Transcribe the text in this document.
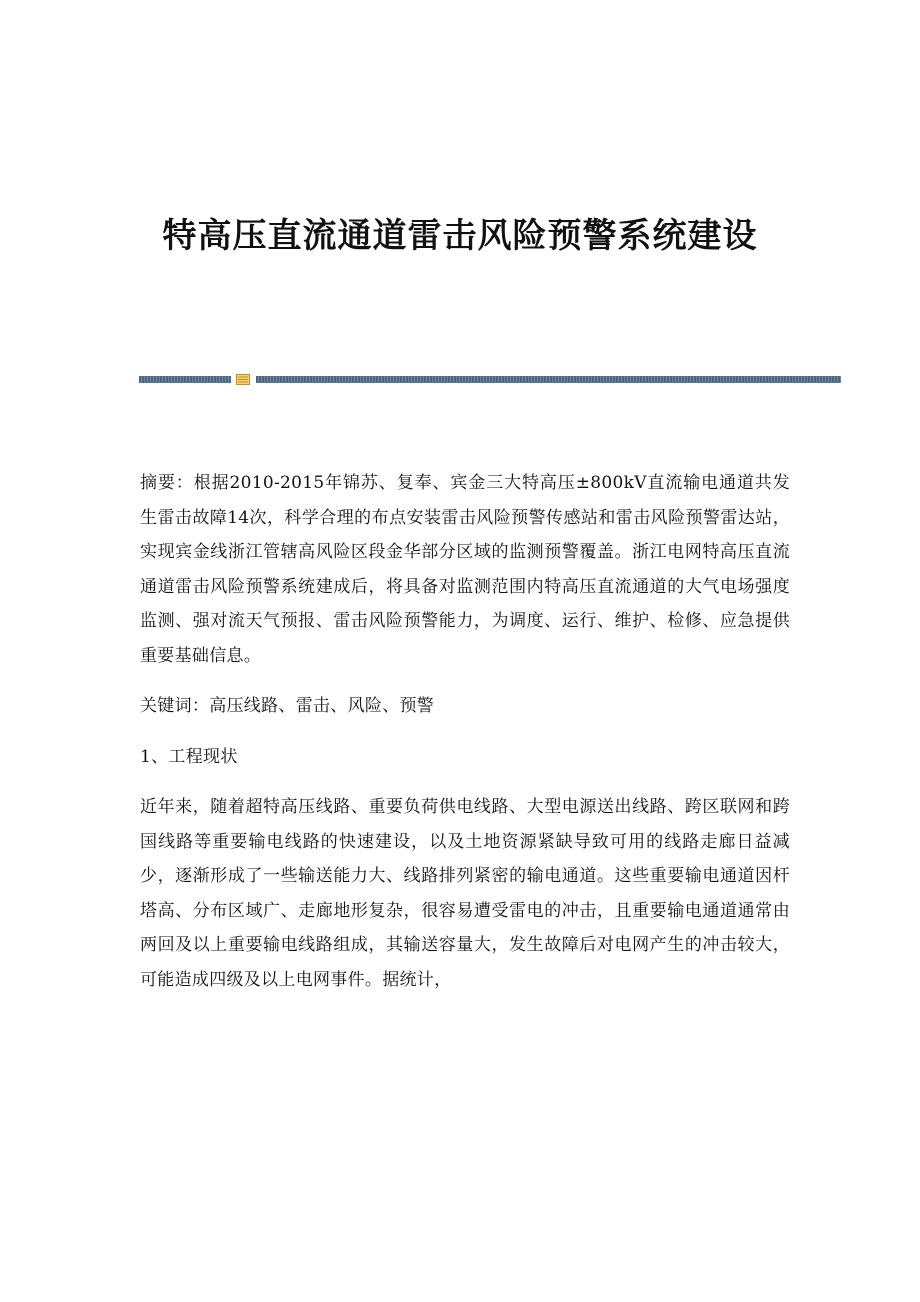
特高压直流通道雷击风险预警系统建设

摘要：根据2010-2015年锦苏、复奉、宾金三大特高压±800kV直流输电通道共发生雷击故障14次，科学合理的布点安装雷击风险预警传感站和雷击风险预警雷达站，实现宾金线浙江管辖高风险区段金华部分区域的监测预警覆盖。浙江电网特高压直流通道雷击风险预警系统建成后，将具备对监测范围内特高压直流通道的大气电场强度监测、强对流天气预报、雷击风险预警能力，为调度、运行、维护、检修、应急提供重要基础信息。

关键词：高压线路、雷击、风险、预警

1、工程现状

近年来，随着超特高压线路、重要负荷供电线路、大型电源送出线路、跨区联网和跨国线路等重要输电线路的快速建设，以及土地资源紧缺导致可用的线路走廊日益减少，逐渐形成了一些输送能力大、线路排列紧密的输电通道。这些重要输电通道因杆塔高、分布区域广、走廊地形复杂，很容易遭受雷电的冲击，且重要输电通道通常由两回及以上重要输电线路组成，其输送容量大，发生故障后对电网产生的冲击较大，可能造成四级及以上电网事件。据统计，
